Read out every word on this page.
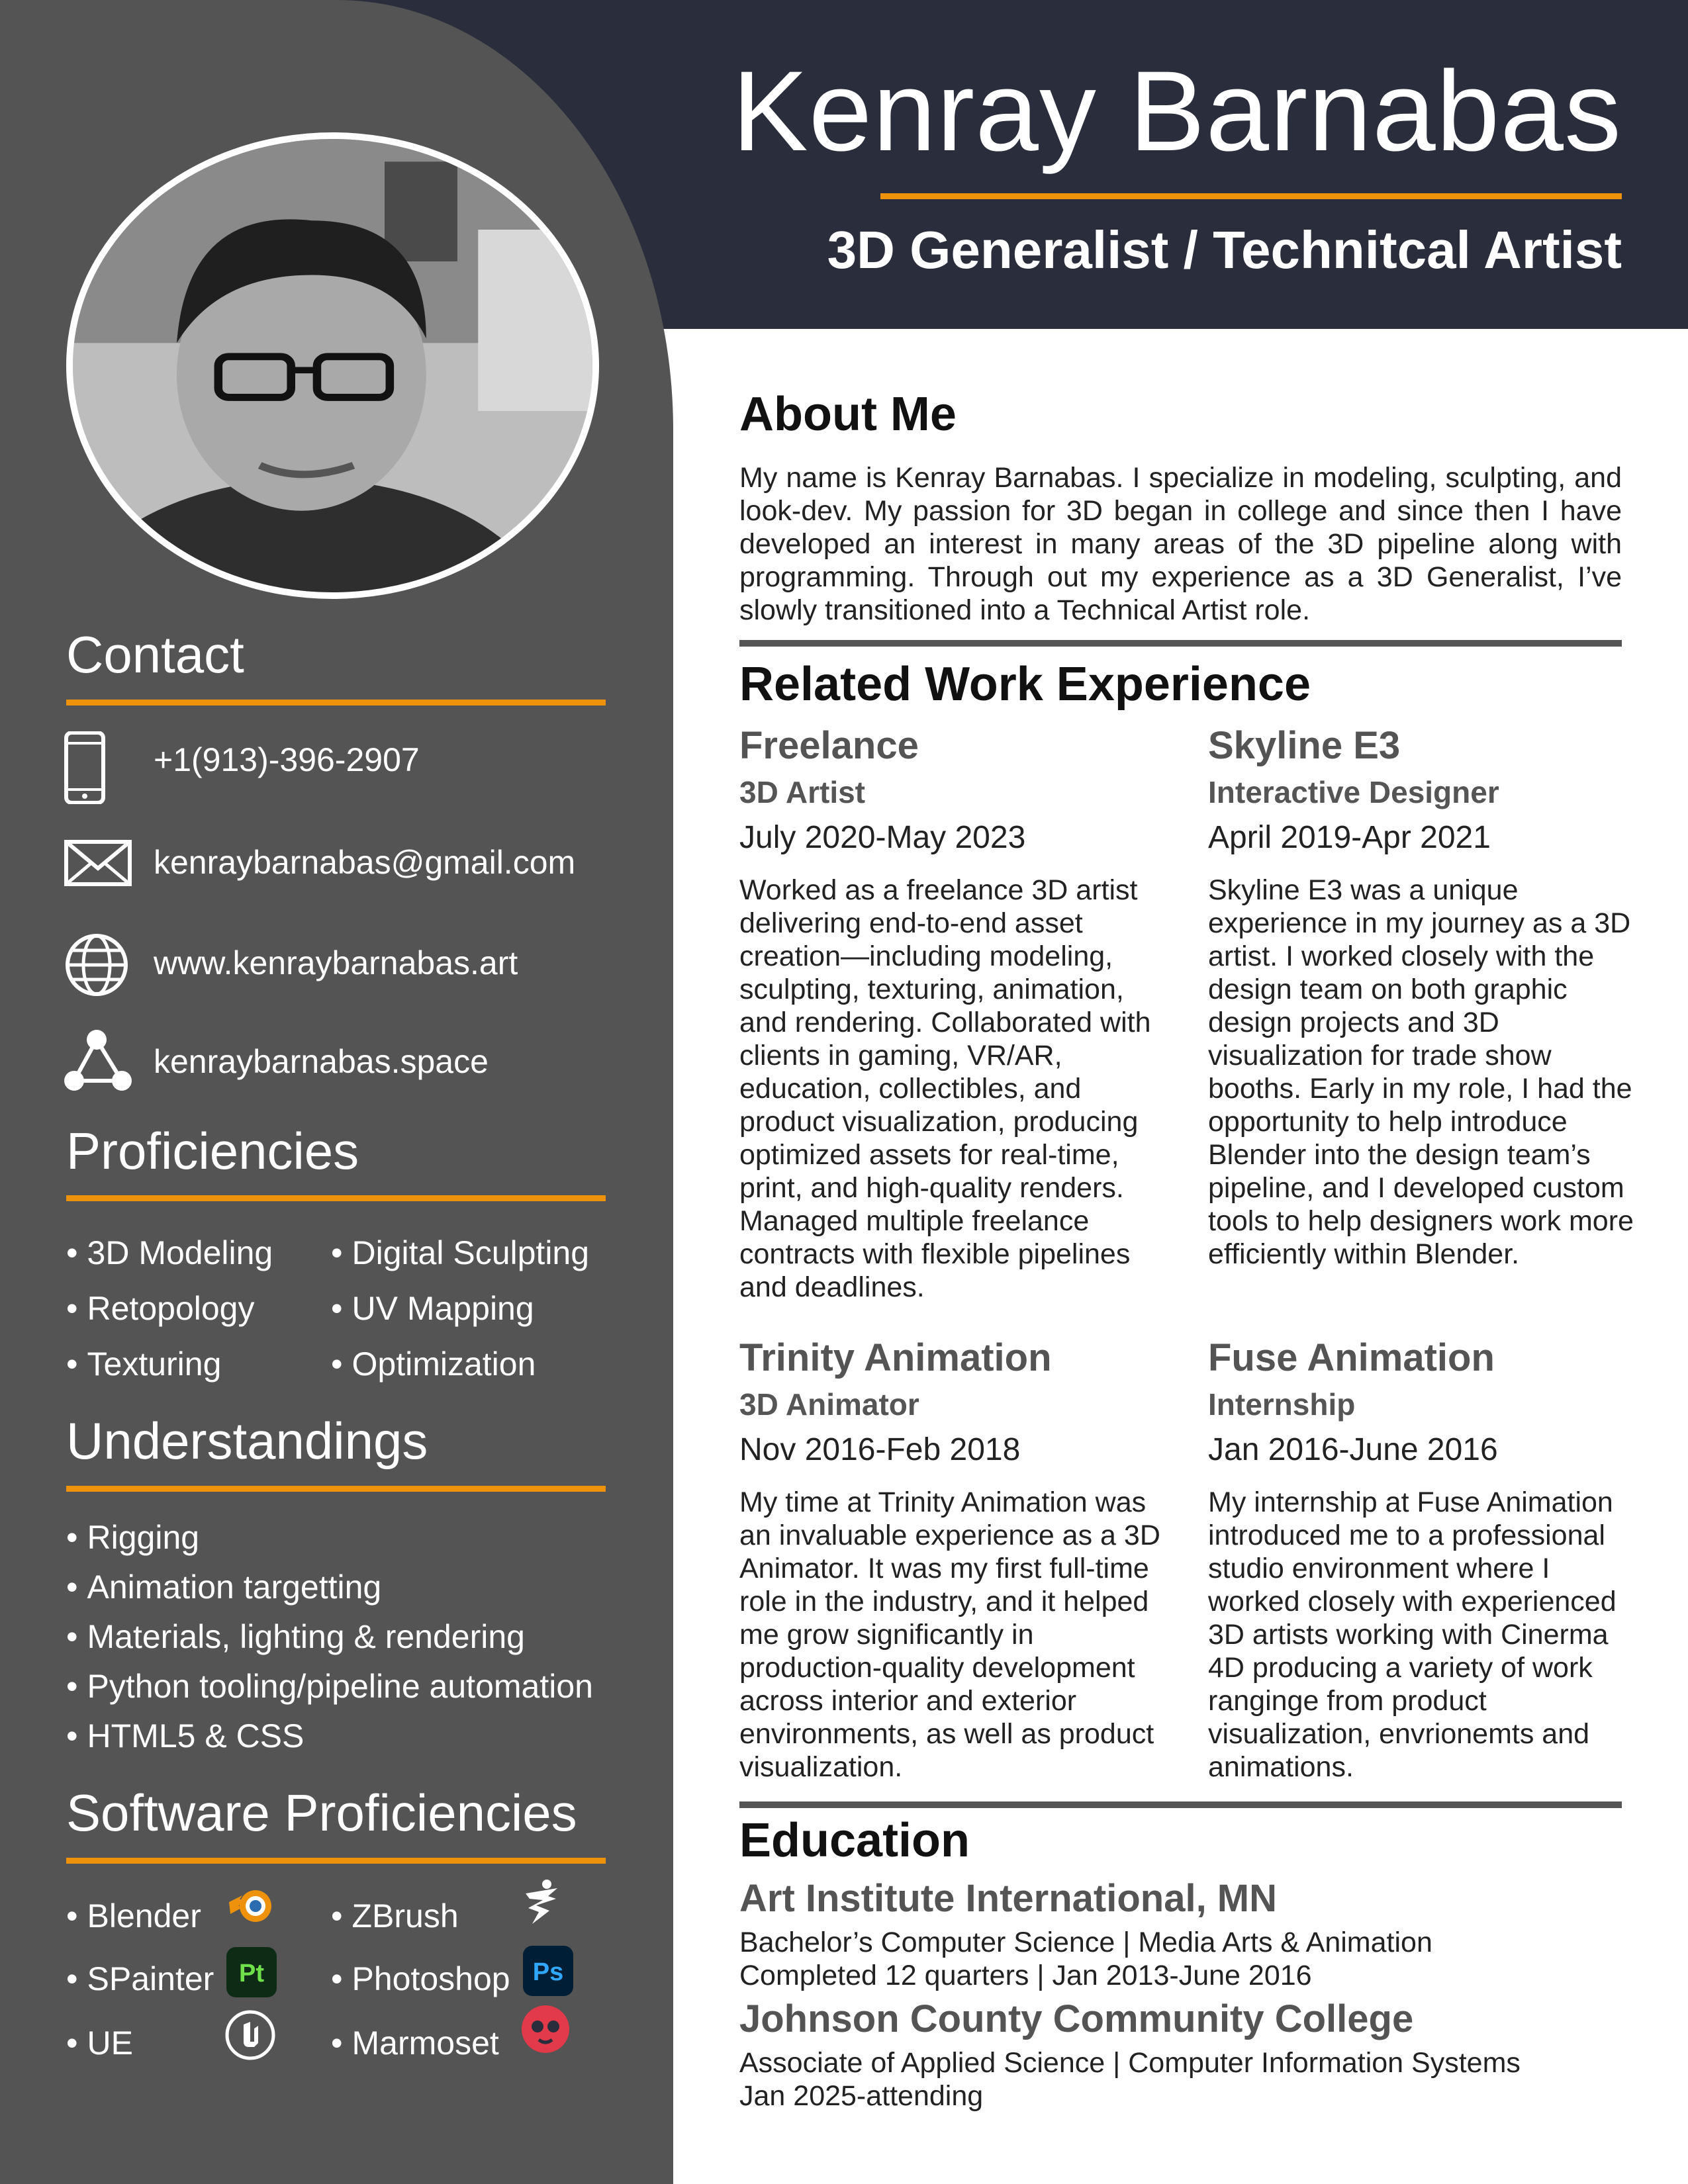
Kenray Barnabas
3D Generalist / Technitcal Artist
Contact
+1(913)-396-2907
kenraybarnabas@gmail.com
www.kenraybarnabas.art
kenraybarnabas.space
Proficiencies
• 3D Modeling	• Digital Sculpting
• Retopology	• UV Mapping
• Texturing	• Optimization
Understandings
• Rigging
• Animation targetting
• Materials, lighting & rendering
• Python tooling/pipeline automation
• HTML5 & CSS
Software Proficiencies
• Blender	• ZBrush
• SPainter Pt	• Photoshop Ps
• UE	• Marmoset
About Me
My name is Kenray Barnabas. I specialize in modeling, sculpting, and look-dev. My passion for 3D began in college and since then I have developed an interest in many areas of the 3D pipeline along with programming. Through out my experience as a 3D Generalist, I’ve slowly transitioned into a Technical Artist role.
Related Work Experience
Freelance
3D Artist
July 2020-May 2023
Worked as a freelance 3D artist delivering end-to-end asset creation—including modeling, sculpting, texturing, animation, and rendering. Collaborated with clients in gaming, VR/AR, education, collectibles, and product visualization, producing optimized assets for real-time, print, and high-quality renders. Managed multiple freelance contracts with flexible pipelines and deadlines.
Skyline E3
Interactive Designer
April 2019-Apr 2021
Skyline E3 was a unique experience in my journey as a 3D artist. I worked closely with the design team on both graphic design projects and 3D visualization for trade show booths. Early in my role, I had the opportunity to help introduce Blender into the design team’s pipeline, and I developed custom tools to help designers work more efficiently within Blender.
Trinity Animation
3D Animator
Nov 2016-Feb 2018
My time at Trinity Animation was an invaluable experience as a 3D Animator. It was my first full-time role in the industry, and it helped me grow significantly in production-quality development across interior and exterior environments, as well as product visualization.
Fuse Animation
Internship
Jan 2016-June 2016
My internship at Fuse Animation introduced me to a professional studio environment where I worked closely with experienced 3D artists working with Cinerma 4D producing a variety of work ranginge from product visualization, envrionemts and animations.
Education
Art Institute International, MN
Bachelor’s Computer Science | Media Arts & Animation
Completed 12 quarters | Jan 2013-June 2016
Johnson County Community College
Associate of Applied Science | Computer Information Systems
Jan 2025-attending
